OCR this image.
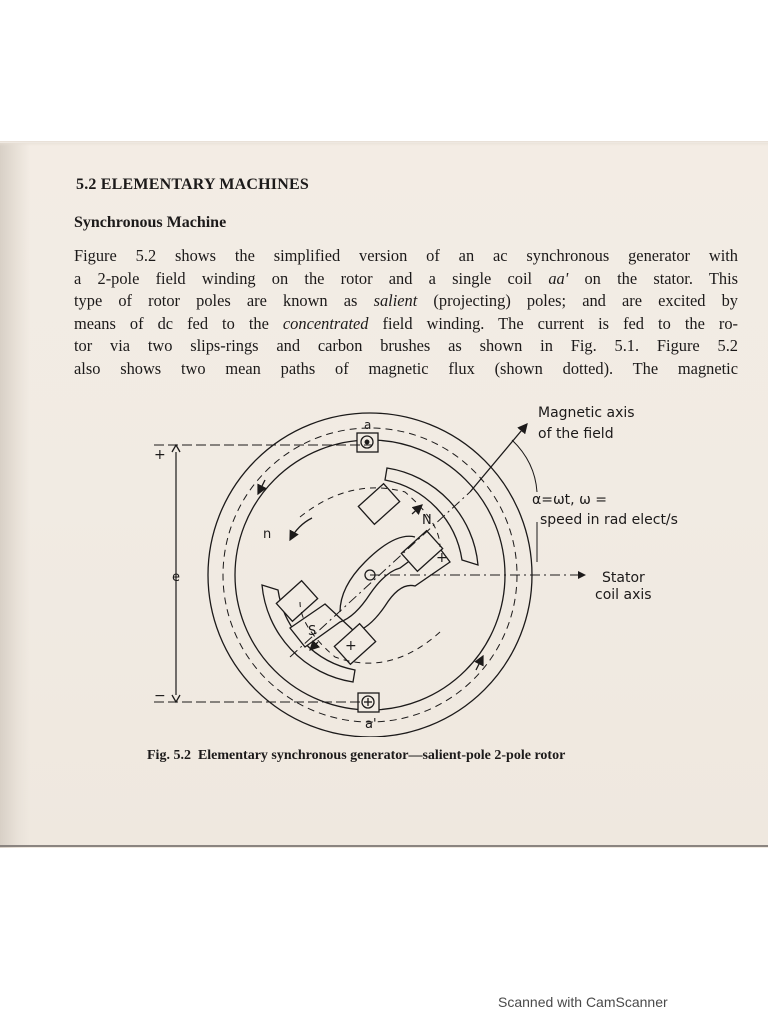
5.2 ELEMENTARY MACHINES
Synchronous Machine

Figure 5.2 shows the simplified version of an ac synchronous generator with
a 2-pole field winding on the rotor and a single coil aa' on the stator. This
type of rotor poles are known as salient (projecting) poles; and are excited by
means of dc fed to the concentrated field winding. The current is fed to the ro-
tor via two slips-rings and carbon brushes as shown in Fig. 5.1. Figure 5.2
also shows two mean paths of magnetic flux (shown dotted). The magnetic

Magnetic axis
of the field
α=ωt, ω =
speed in rad elect/s
Stator
coil axis
a
a'
N
S
n
e
+
−
+
+

Fig. 5.2 Elementary synchronous generator—salient-pole 2-pole rotor

Scanned with CamScanner
